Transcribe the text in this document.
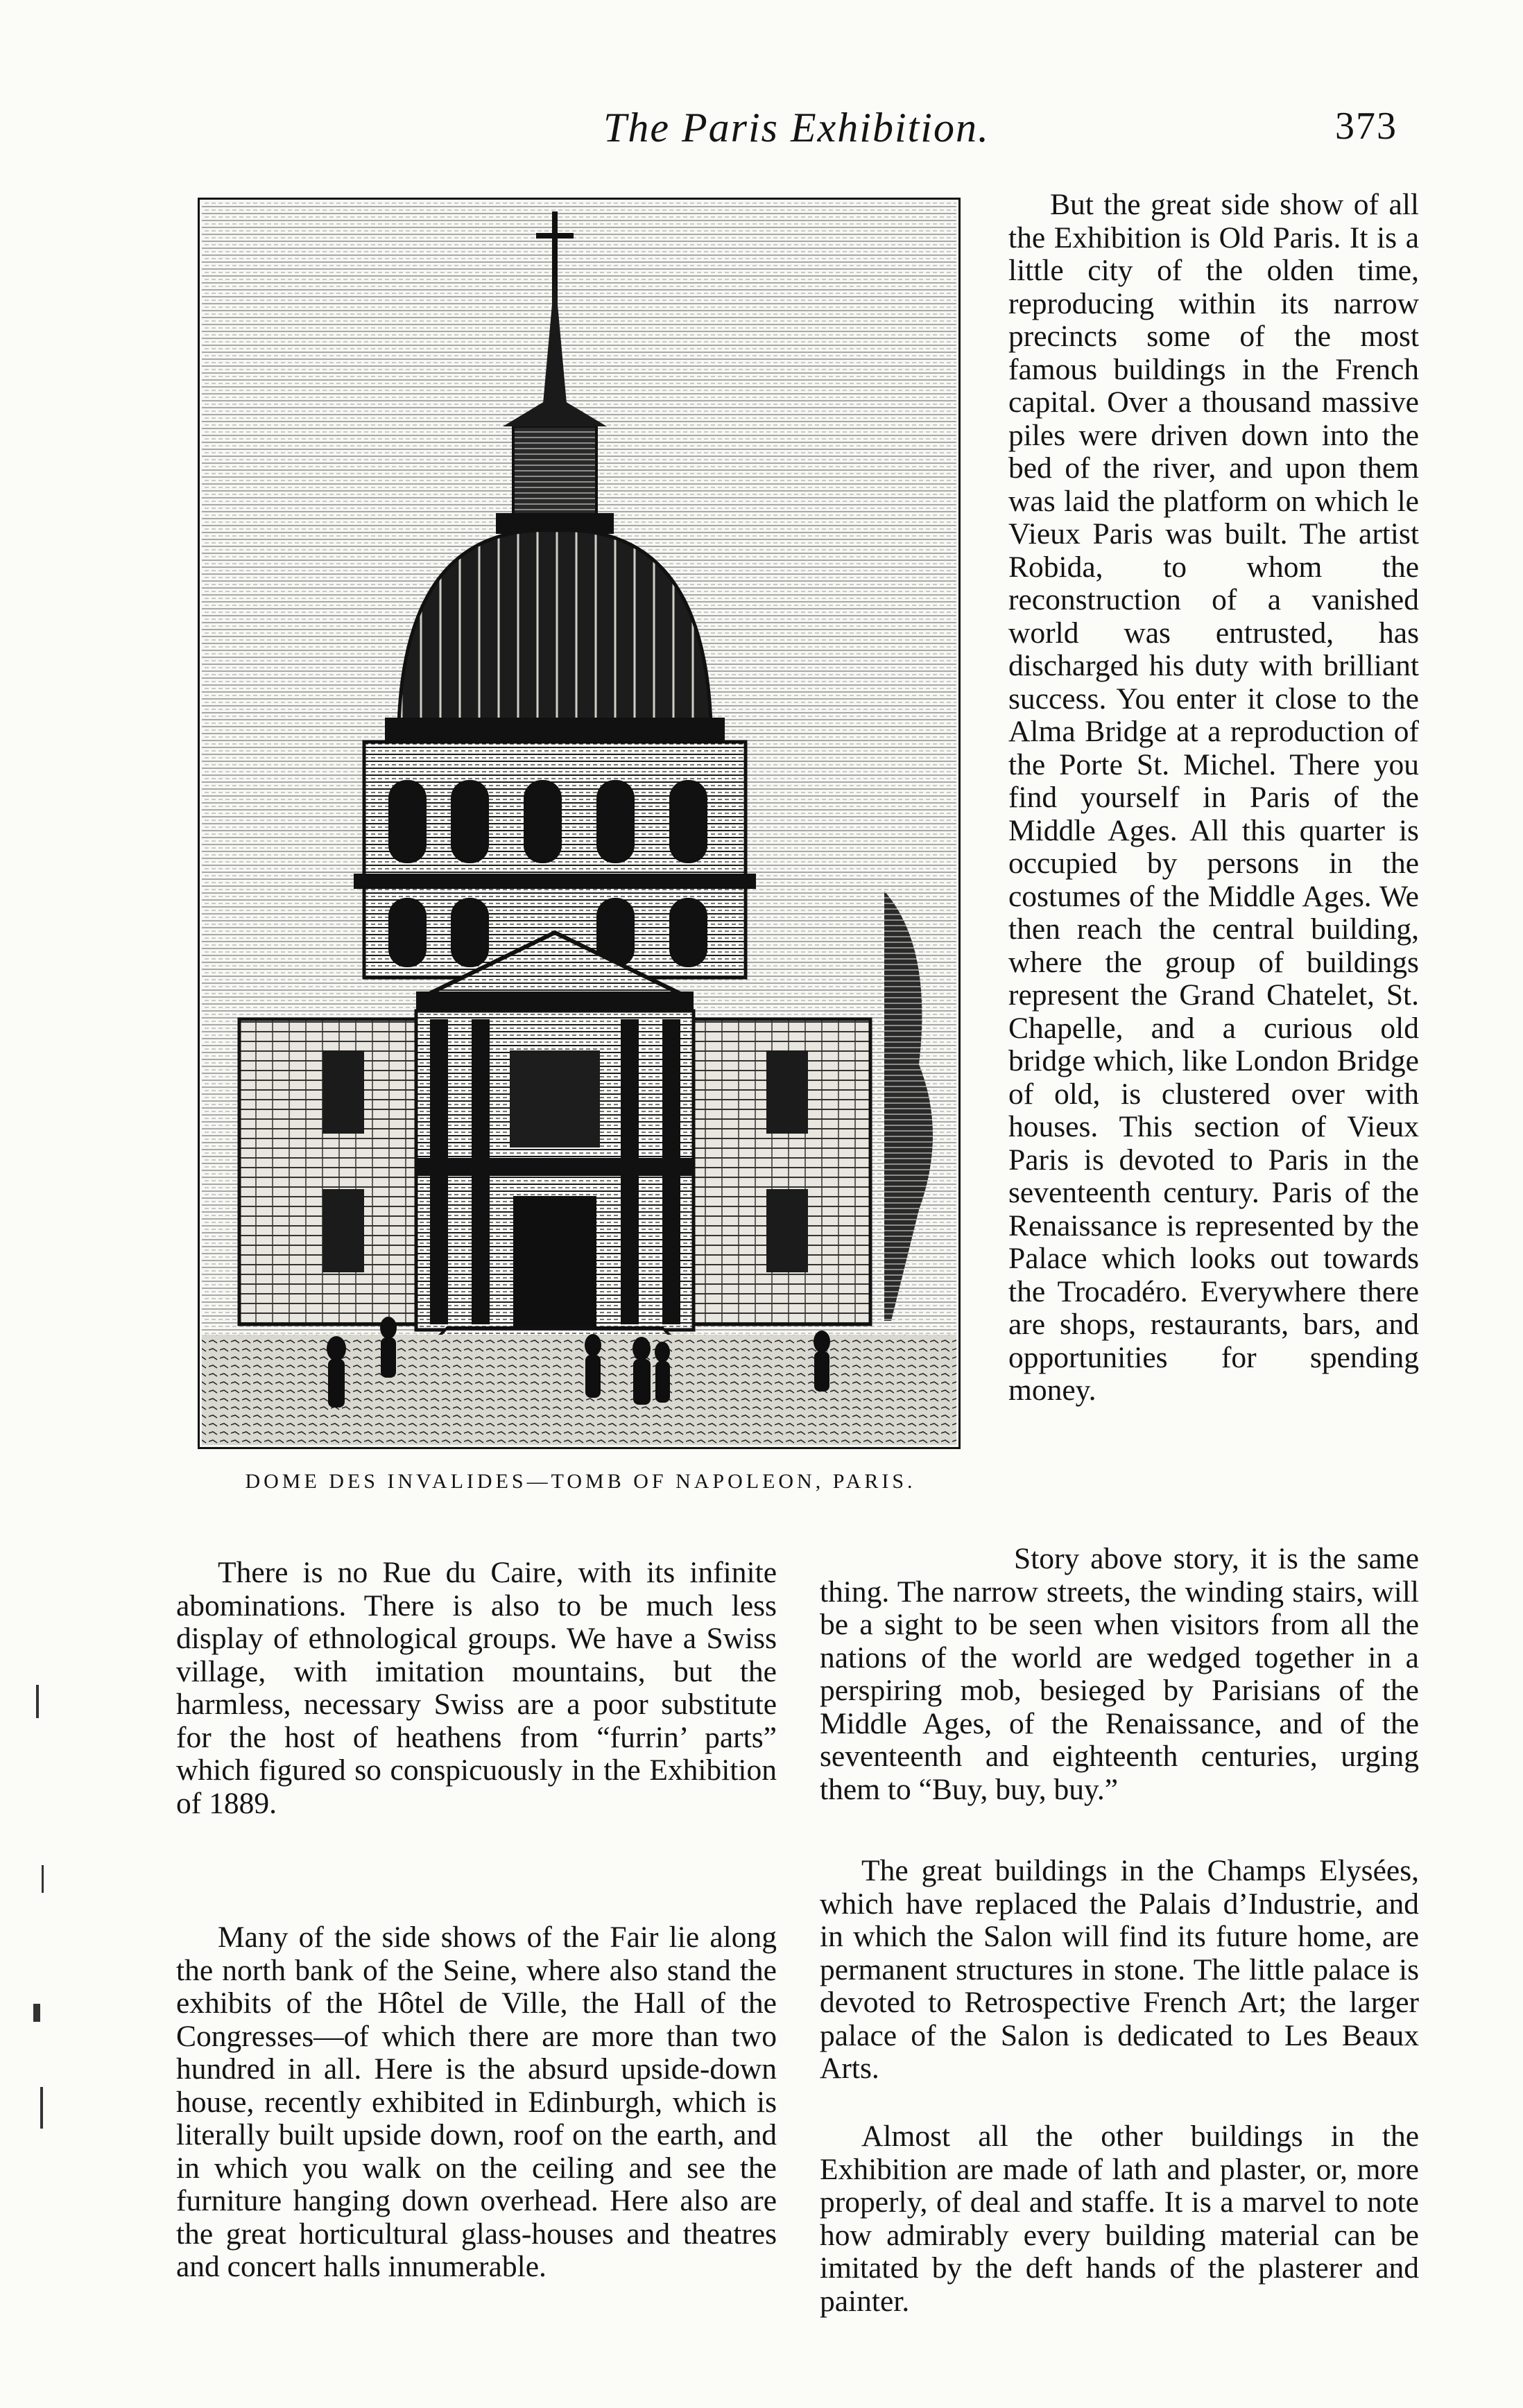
The Paris Exhibition.	373
DOME DES INVALIDES—TOMB OF NAPOLEON, PARIS.

But the great side show of all the Exhibition is Old Paris. It is a little city of the olden time, reproducing within its narrow precincts some of the most famous buildings in the French capital. Over a thousand massive piles were driven down into the bed of the river, and upon them was laid the platform on which le Vieux Paris was built. The artist Robida, to whom the reconstruction of a vanished world was entrusted, has discharged his duty with brilliant success. You enter it close to the Alma Bridge at a reproduction of the Porte St. Michel. There you find yourself in Paris of the Middle Ages. All this quarter is occupied by persons in the costumes of the Middle Ages. We then reach the central building, where the group of buildings represent the Grand Chatelet, St. Chapelle, and a curious old bridge which, like London Bridge of old, is clustered over with houses. This section of Vieux Paris is devoted to Paris in the seventeenth century. Paris of the Renaissance is represented by the Palace which looks out towards the Trocadéro. Everywhere there are shops, restaurants, bars, and opportunities for spending money.

Story above story, it is the same thing. The narrow streets, the winding stairs, will be a sight to be seen when visitors from all the nations of the world are wedged together in a perspiring mob, besieged by Parisians of the Middle Ages, of the Renaissance, and of the seventeenth and eighteenth centuries, urging them to “Buy, buy, buy.”

There is no Rue du Caire, with its infinite abominations. There is also to be much less display of ethnological groups. We have a Swiss village, with imitation mountains, but the harmless, necessary Swiss are a poor substitute for the host of heathens from “furrin’ parts” which figured so conspicuously in the Exhibition of 1889.

Many of the side shows of the Fair lie along the north bank of the Seine, where also stand the exhibits of the Hôtel de Ville, the Hall of the Congresses—of which there are more than two hundred in all. Here is the absurd upside-down house, recently exhibited in Edinburgh, which is literally built upside down, roof on the earth, and in which you walk on the ceiling and see the furniture hanging down overhead. Here also are the great horticultural glass-houses and theatres and concert halls innumerable.

The great buildings in the Champs Elysées, which have replaced the Palais d’Industrie, and in which the Salon will find its future home, are permanent structures in stone. The little palace is devoted to Retrospective French Art; the larger palace of the Salon is dedicated to Les Beaux Arts.

Almost all the other buildings in the Exhibition are made of lath and plaster, or, more properly, of deal and staffe. It is a marvel to note how admirably every building material can be imitated by the deft hands of the plasterer and painter.
